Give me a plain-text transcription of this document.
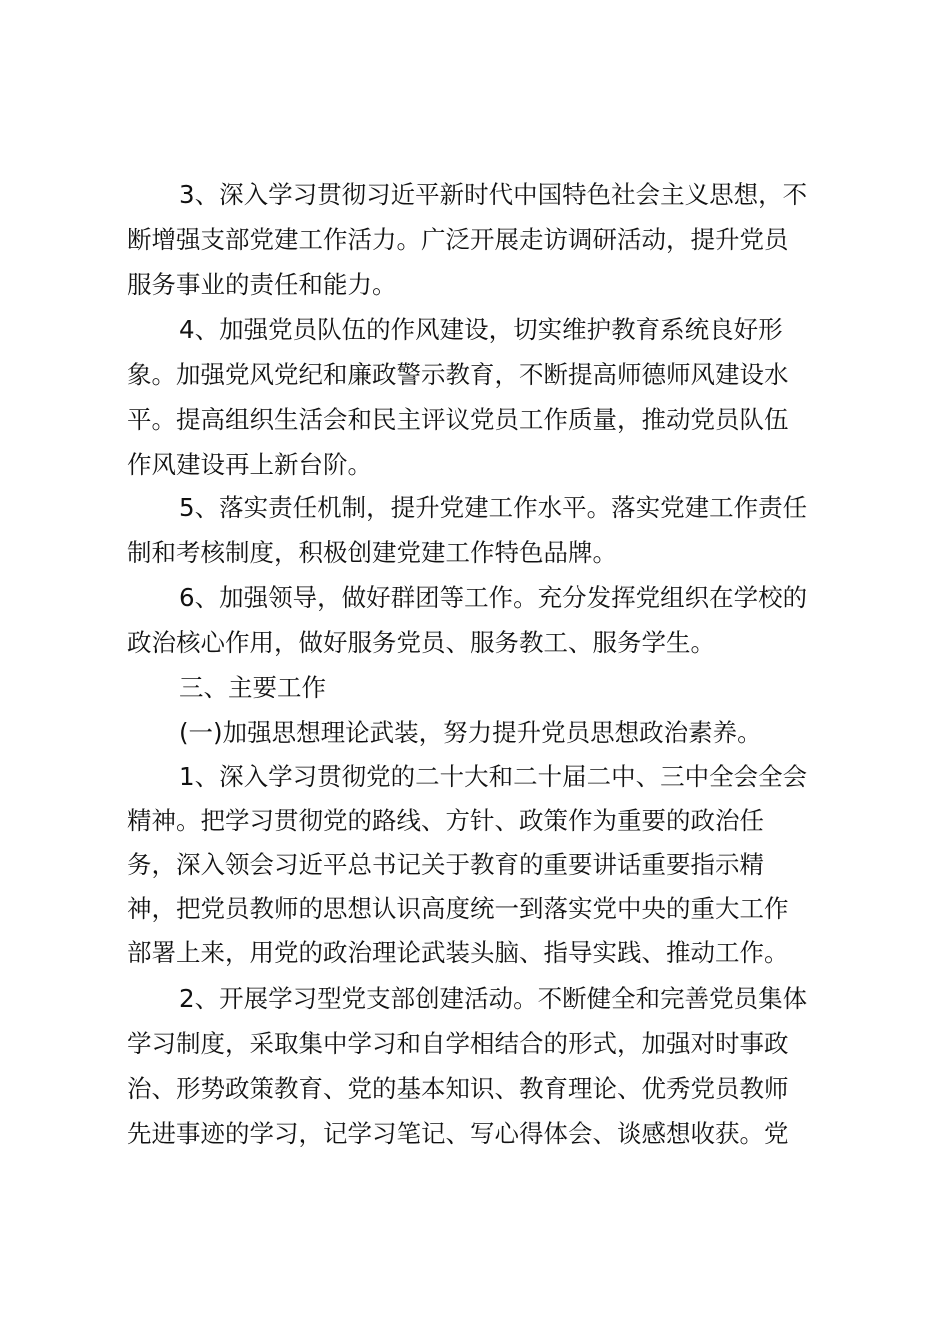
3、深入学习贯彻习近平新时代中国特色社会主义思想，不

断增强支部党建工作活力。广泛开展走访调研活动，提升党员

服务事业的责任和能力。

4、加强党员队伍的作风建设，切实维护教育系统良好形

象。加强党风党纪和廉政警示教育，不断提高师德师风建设水

平。提高组织生活会和民主评议党员工作质量，推动党员队伍

作风建设再上新台阶。

5、落实责任机制，提升党建工作水平。落实党建工作责任

制和考核制度，积极创建党建工作特色品牌。

6、加强领导，做好群团等工作。充分发挥党组织在学校的

政治核心作用，做好服务党员、服务教工、服务学生。

三、主要工作

(一)加强思想理论武装，努力提升党员思想政治素养。

1、深入学习贯彻党的二十大和二十届二中、三中全会全会

精神。把学习贯彻党的路线、方针、政策作为重要的政治任

务，深入领会习近平总书记关于教育的重要讲话重要指示精

神，把党员教师的思想认识高度统一到落实党中央的重大工作

部署上来，用党的政治理论武装头脑、指导实践、推动工作。

2、开展学习型党支部创建活动。不断健全和完善党员集体

学习制度，采取集中学习和自学相结合的形式，加强对时事政

治、形势政策教育、党的基本知识、教育理论、优秀党员教师

先进事迹的学习，记学习笔记、写心得体会、谈感想收获。党
